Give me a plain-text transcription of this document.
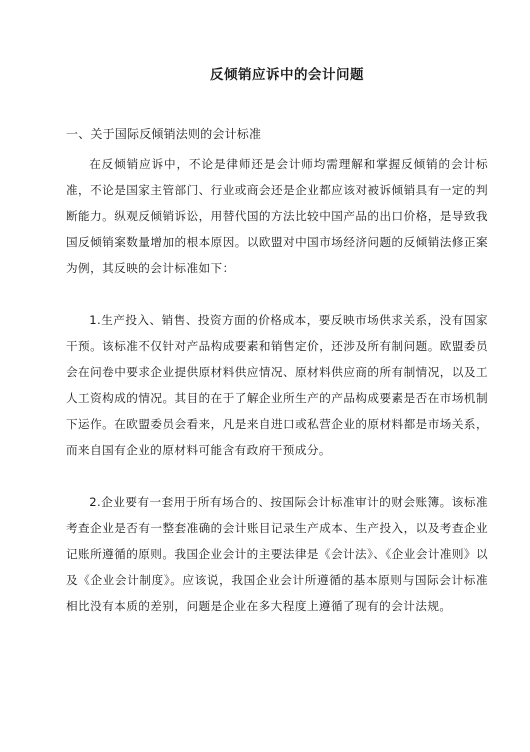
反倾销应诉中的会计问题
一、关于国际反倾销法则的会计标准

在反倾销应诉中，不论是律师还是会计师均需理解和掌握反倾销的会计标准，不论是国家主管部门、行业或商会还是企业都应该对被诉倾销具有一定的判断能力。纵观反倾销诉讼，用替代国的方法比较中国产品的出口价格，是导致我国反倾销案数量增加的根本原因。以欧盟对中国市场经济问题的反倾销法修正案为例，其反映的会计标准如下：

1.生产投入、销售、投资方面的价格成本，要反映市场供求关系，没有国家干预。该标准不仅针对产品构成要素和销售定价，还涉及所有制问题。欧盟委员会在问卷中要求企业提供原材料供应情况、原材料供应商的所有制情况，以及工人工资构成的情况。其目的在于了解企业所生产的产品构成要素是否在市场机制下运作。在欧盟委员会看来，凡是来自进口或私营企业的原材料都是市场关系，而来自国有企业的原材料可能含有政府干预成分。

2.企业要有一套用于所有场合的、按国际会计标准审计的财会账簿。该标准考查企业是否有一整套准确的会计账目记录生产成本、生产投入，以及考查企业记账所遵循的原则。我国企业会计的主要法律是《会计法》、《企业会计准则》以及《企业会计制度》。应该说，我国企业会计所遵循的基本原则与国际会计标准相比没有本质的差别，问题是企业在多大程度上遵循了现有的会计法规。
